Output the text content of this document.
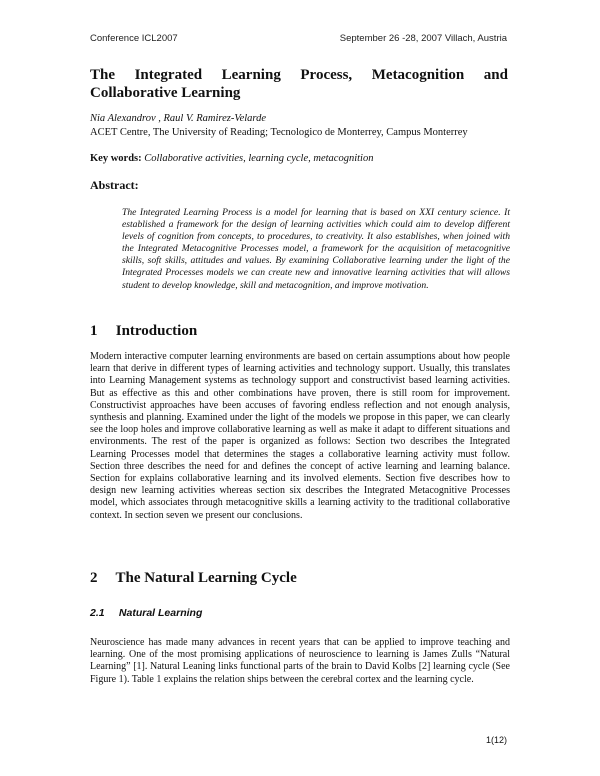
Conference ICL2007	September 26 -28, 2007 Villach, Austria
The Integrated Learning Process, Metacognition and
Collaborative Learning
Nia Alexandrov , Raul V. Ramirez-Velarde
ACET Centre, The University of Reading; Tecnologico de Monterrey, Campus Monterrey
Key words: Collaborative activities, learning cycle, metacognition
Abstract:
The Integrated Learning Process is a model for learning that is based on XXI century science. It established a framework for the design of learning activities which could aim to develop different levels of cognition from concepts, to procedures, to creativity. It also establishes, when joined with the Integrated Metacognitive Processes model, a framework for the acquisition of metacognitive skills, soft skills, attitudes and values. By examining Collaborative learning under the light of the Integrated Processes models we can create new and innovative learning activities that will allows student to develop knowledge, skill and metacognition, and improve motivation.
1 Introduction
Modern interactive computer learning environments are based on certain assumptions about how people learn that derive in different types of learning activities and technology support. Usually, this translates into Learning Management systems as technology support and constructivist based learning activities. But as effective as this and other combinations have proven, there is still room for improvement. Constructivist approaches have been accuses of favoring endless reflection and not enough analysis, synthesis and planning. Examined under the light of the models we propose in this paper, we can clearly see the loop holes and improve collaborative learning as well as make it adapt to different situations and environments. The rest of the paper is organized as follows: Section two describes the Integrated Learning Processes model that determines the stages a collaborative learning activity must follow. Section three describes the need for and defines the concept of active learning and learning balance. Section for explains collaborative learning and its involved elements. Section five describes how to design new learning activities whereas section six describes the Integrated Metacognitive Processes model, which associates through metacognitive skills a learning activity to the traditional collaborative context. In section seven we present our conclusions.
2 The Natural Learning Cycle
2.1 Natural Learning
Neuroscience has made many advances in recent years that can be applied to improve teaching and learning. One of the most promising applications of neuroscience to learning is James Zulls “Natural Learning” [1]. Natural Leaning links functional parts of the brain to David Kolbs [2] learning cycle (See Figure 1). Table 1 explains the relation ships between the cerebral cortex and the learning cycle.
1(12)
